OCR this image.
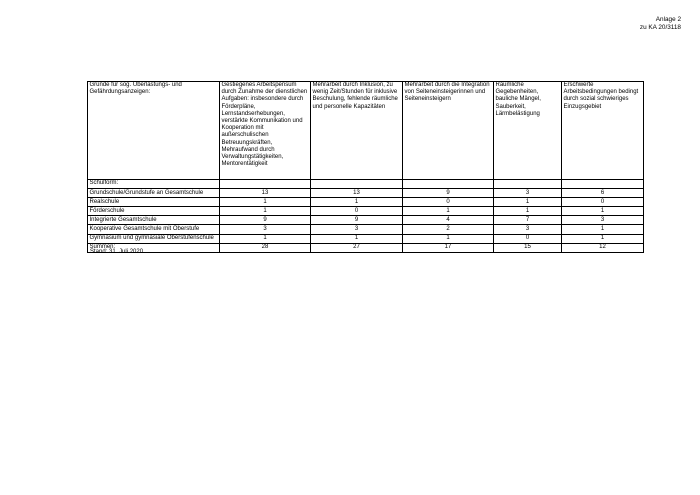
Anlage 2
zu KA 20/3118
Gründe für sog. Überlastungs- und Gefährdungsanzeigen:	Gestiegenes Arbeitspensum durch Zunahme der dienstlichen Aufgaben: insbesondere durch Förderpläne, Lernstandserhebungen, verstärkte Kommunikation und Kooperation mit außerschulischen Betreuungskräften, Mehraufwand durch Verwaltungstätigkeiten, Mentorentätigkeit	Mehrarbeit durch Inklusion, zu wenig Zeit/Stunden für inklusive Beschulung, fehlende räumliche und personelle Kapazitäten	Mehrarbeit durch die Integration von Seiteneinsteigerinnen und Seiteneinsteigern	Räumliche Gegebenheiten, bauliche Mängel, Sauberkeit, Lärmbelästigung	Erschwerte Arbeitsbedingungen bedingt durch sozial schwieriges Einzugsgebiet
Schulform:					
Grundschule/Grundstufe an Gesamtschule	13	13	9	3	6
Realschule	1	1	0	1	0
Förderschule	1	0	1	1	1
Integrierte Gesamtschule	9	9	4	7	3
Kooperative Gesamtschule mit Oberstufe	3	3	2	3	1
Gymnasium und gymnasiale Oberstufenschule	1	1	1	0	1
Summen:	28	27	17	15	12
Stand: 31. Juli 2020
